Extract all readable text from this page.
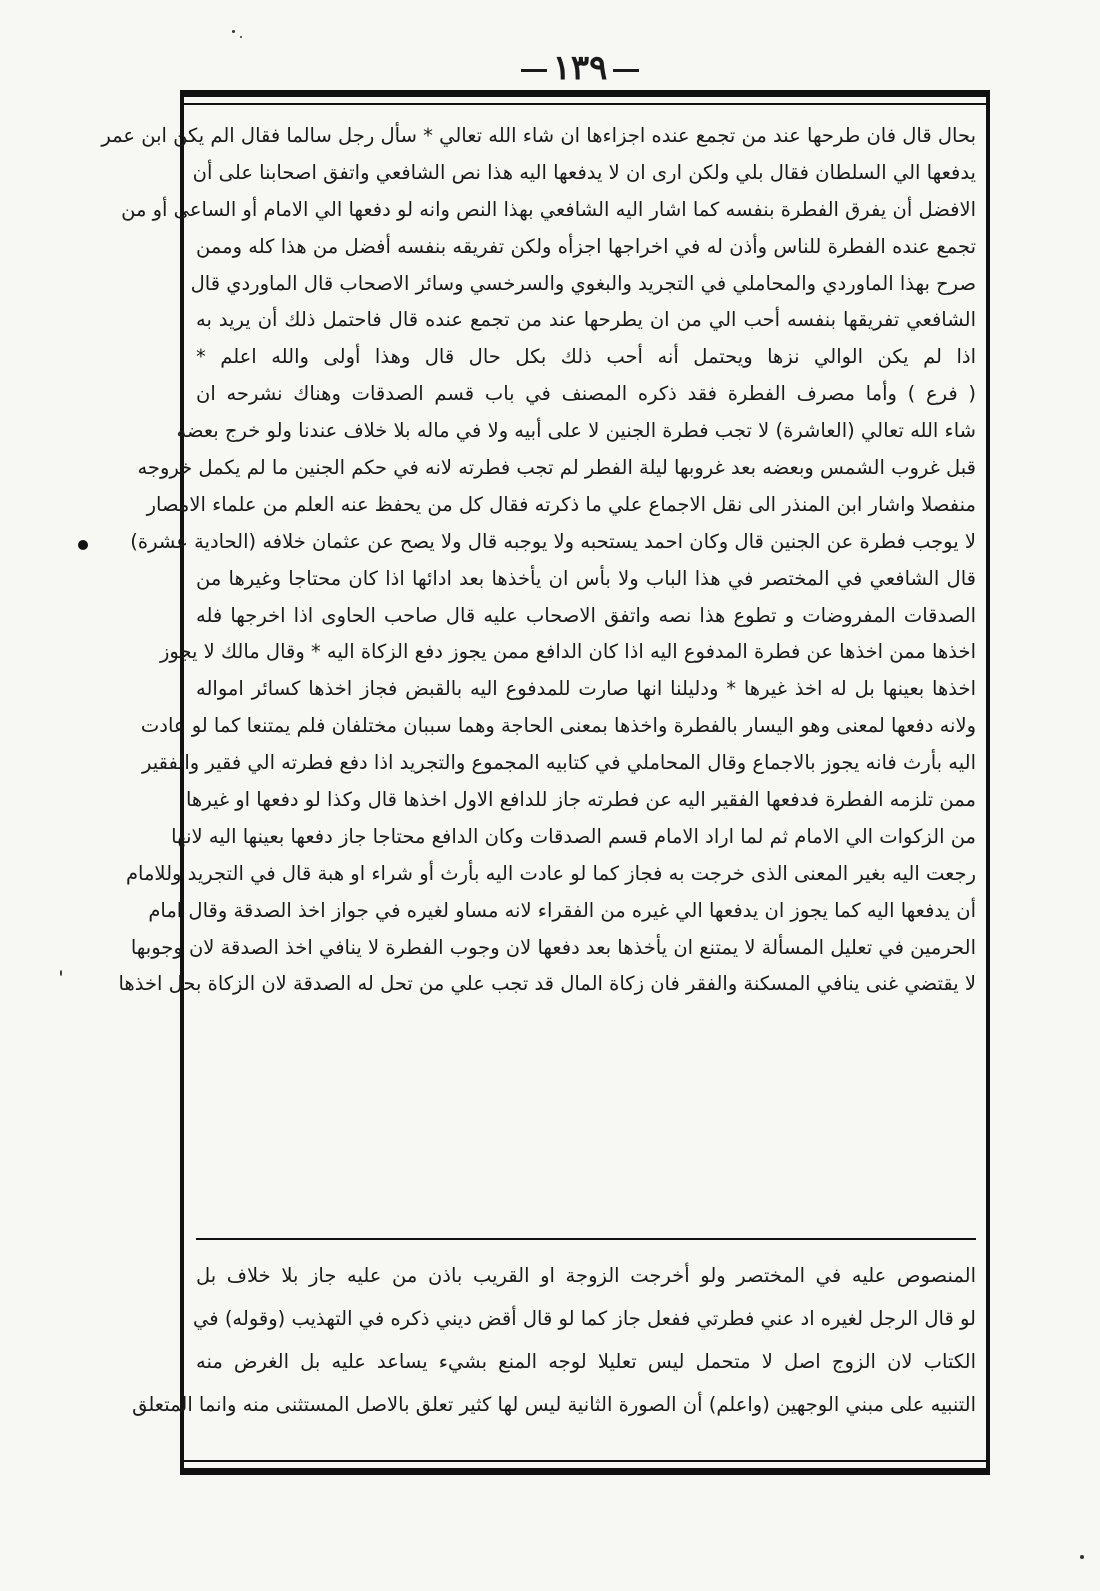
١٣٩
بحال قال فان طرحها عند من تجمع عنده اجزاءها ان شاء الله تعالي * سأل رجل سالما فقال الم يكن ابن عمر
يدفعها الي السلطان فقال بلي ولكن ارى ان لا يدفعها اليه هذا نص الشافعي واتفق اصحابنا على أن
الافضل أن يفرق الفطرة بنفسه كما اشار اليه الشافعي بهذا النص وانه لو دفعها الي الامام أو الساعى أو من
تجمع عنده الفطرة للناس وأذن له في اخراجها اجزأه ولكن تفريقه بنفسه أفضل من هذا كله وممن
صرح بهذا الماوردي والمحاملي في التجريد والبغوي والسرخسي وسائر الاصحاب قال الماوردي قال
الشافعي تفريقها بنفسه أحب الي من ان يطرحها عند من تجمع عنده قال فاحتمل ذلك أن يريد به
اذا لم يكن الوالي نزها ويحتمل أنه أحب ذلك بكل حال قال وهذا أولى والله اعلم *
( فرع ) وأما مصرف الفطرة فقد ذكره المصنف في باب قسم الصدقات وهناك نشرحه ان
شاء الله تعالي (العاشرة) لا تجب فطرة الجنين لا على أبيه ولا في ماله بلا خلاف عندنا ولو خرج بعضه
قبل غروب الشمس وبعضه بعد غروبها ليلة الفطر لم تجب فطرته لانه في حكم الجنين ما لم يكمل خروجه
منفصلا واشار ابن المنذر الى نقل الاجماع علي ما ذكرته فقال كل من يحفظ عنه العلم من علماء الامصار
لا يوجب فطرة عن الجنين قال وكان احمد يستحبه ولا يوجبه قال ولا يصح عن عثمان خلافه (الحادية عشرة)
قال الشافعي في المختصر في هذا الباب ولا بأس ان يأخذها بعد ادائها اذا كان محتاجا وغيرها من
الصدقات المفروضات و تطوع هذا نصه واتفق الاصحاب عليه قال صاحب الحاوى اذا اخرجها فله
اخذها ممن اخذها عن فطرة المدفوع اليه اذا كان الدافع ممن يجوز دفع الزكاة اليه * وقال مالك لا يجوز
اخذها بعينها بل له اخذ غيرها * ودليلنا انها صارت للمدفوع اليه بالقبض فجاز اخذها كسائر امواله
ولانه دفعها لمعنى وهو اليسار بالفطرة واخذها بمعنى الحاجة وهما سببان مختلفان فلم يمتنعا كما لو عادت
اليه بأرث فانه يجوز بالاجماع وقال المحاملي في كتابيه المجموع والتجريد اذا دفع فطرته الي فقير والفقير
ممن تلزمه الفطرة فدفعها الفقير اليه عن فطرته جاز للدافع الاول اخذها قال وكذا لو دفعها او غيرها
من الزكوات الي الامام ثم لما اراد الامام قسم الصدقات وكان الدافع محتاجا جاز دفعها بعينها اليه لانها
رجعت اليه بغير المعنى الذى خرجت به فجاز كما لو عادت اليه بأرث أو شراء او هبة قال في التجريد وللامام
أن يدفعها اليه كما يجوز ان يدفعها الي غيره من الفقراء لانه مساو لغيره في جواز اخذ الصدقة وقال امام
الحرمين في تعليل المسألة لا يمتنع ان يأخذها بعد دفعها لان وجوب الفطرة لا ينافي اخذ الصدقة لان وجوبها
لا يقتضي غنى ينافي المسكنة والفقر فان زكاة المال قد تجب علي من تحل له الصدقة لان الزكاة بحل اخذها
المنصوص عليه في المختصر ولو أخرجت الزوجة او القريب باذن من عليه جاز بلا خلاف بل
لو قال الرجل لغيره اد عني فطرتي ففعل جاز كما لو قال أقض ديني ذكره في التهذيب (وقوله) في
الكتاب لان الزوج اصل لا متحمل ليس تعليلا لوجه المنع بشيء يساعد عليه بل الغرض منه
التنبيه على مبني الوجهين (واعلم) أن الصورة الثانية ليس لها كثير تعلق بالاصل المستثنى منه وانما المتعلق
